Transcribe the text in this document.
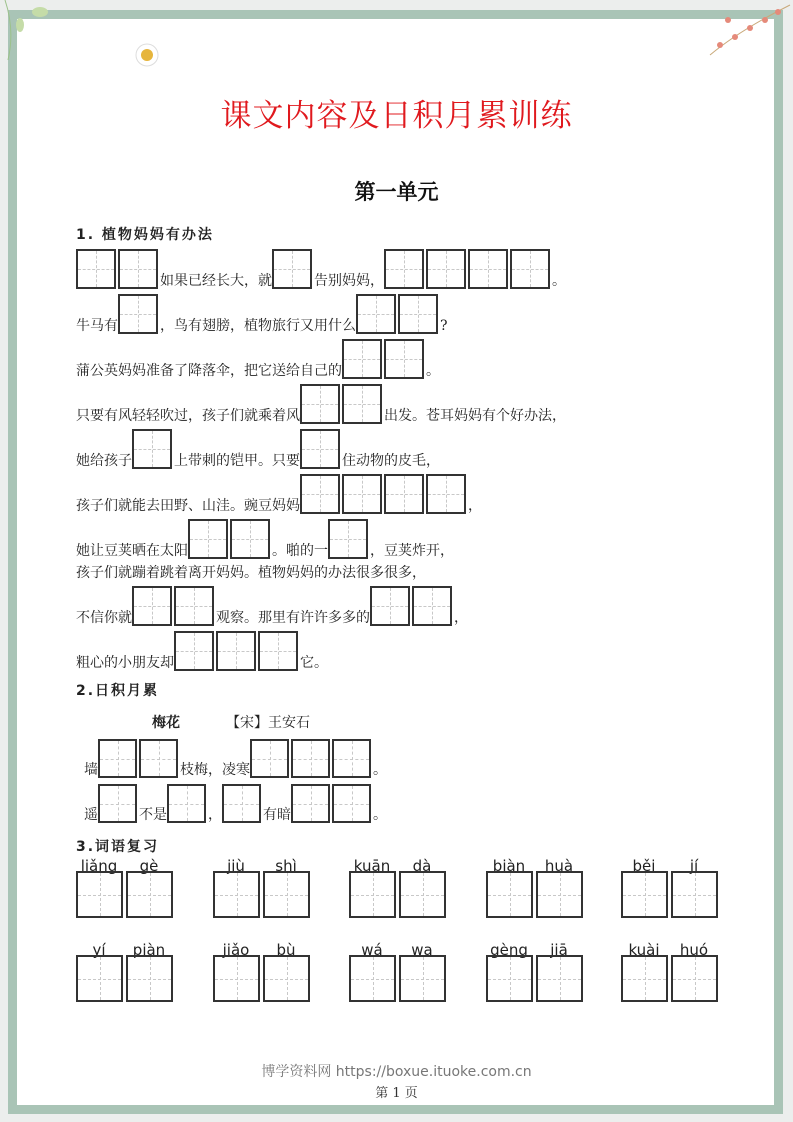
课文内容及日积月累训练
第一单元
1. 植物妈妈有办法
如果已经长大，就	告别妈妈，	。
牛马有	，鸟有翅膀，植物旅行又用什么	?
蒲公英妈妈准备了降落伞，把它送给自己的	。
只要有风轻轻吹过，孩子们就乘着风	出发。苍耳妈妈有个好办法，
她给孩子	上带刺的铠甲。只要	住动物的皮毛，
孩子们就能去田野、山洼。豌豆妈妈	，
她让豆荚晒在太阳	。啪的一	，豆荚炸开，
孩子们就蹦着跳着离开妈妈。植物妈妈的办法很多很多，
不信你就	观察。那里有许许多多的	，
粗心的小朋友却	它。
2.日积月累
梅花	【宋】王安石
墙	枝梅，凌寒	。
遥	不是	，	有暗	。
3.词语复习
liǎng	gè	jiù	shì	kuān	dà	biàn	huà	běi	jí
yí	piàn	jiǎo	bù	wá	wa	gèng	jiā	kuài	huó
博学资料网 https://boxue.ituoke.com.cn
第 1 页
